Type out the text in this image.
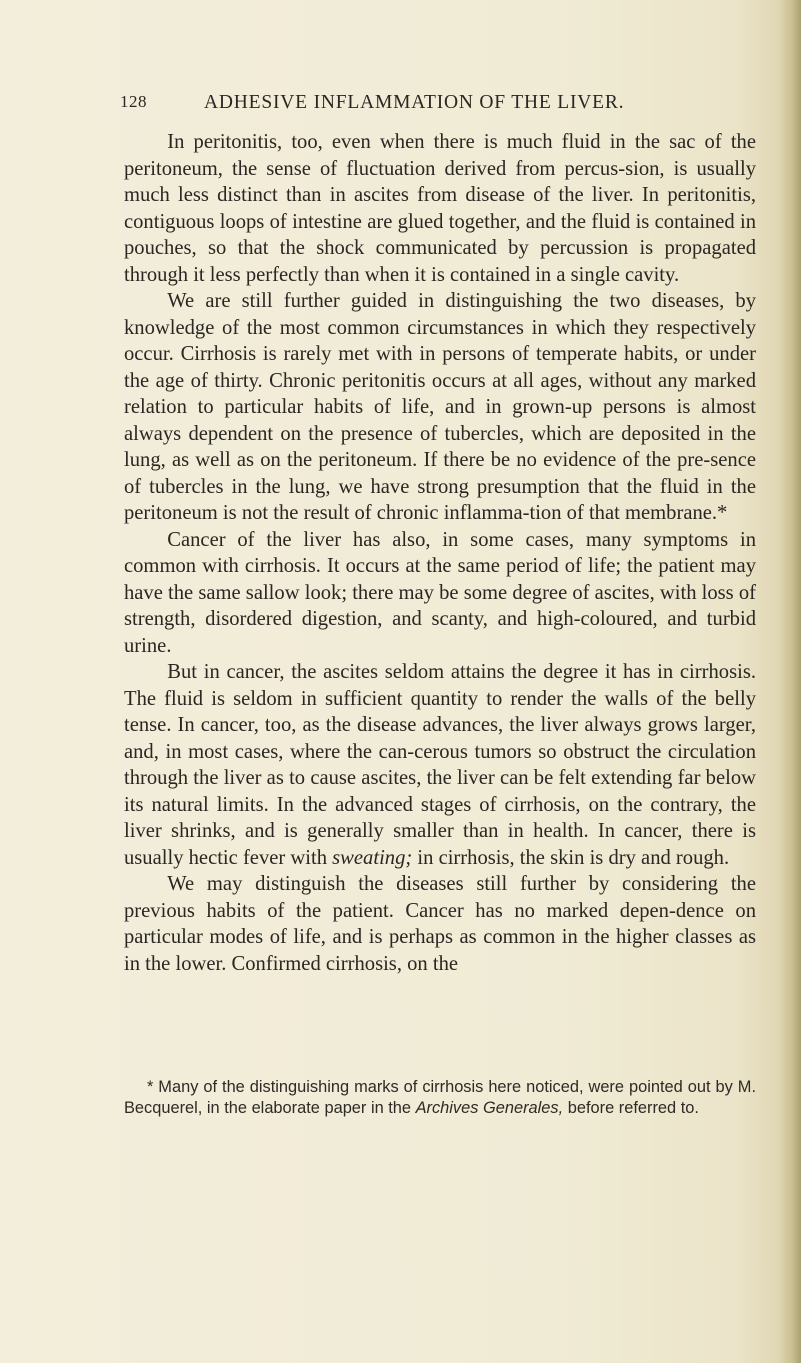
128	ADHESIVE INFLAMMATION OF THE LIVER.

In peritonitis, too, even when there is much fluid in the sac of the peritoneum, the sense of fluctuation derived from percus-sion, is usually much less distinct than in ascites from disease of the liver. In peritonitis, contiguous loops of intestine are glued together, and the fluid is contained in pouches, so that the shock communicated by percussion is propagated through it less perfectly than when it is contained in a single cavity.

We are still further guided in distinguishing the two diseases, by knowledge of the most common circumstances in which they respectively occur. Cirrhosis is rarely met with in persons of temperate habits, or under the age of thirty. Chronic peritonitis occurs at all ages, without any marked relation to particular habits of life, and in grown-up persons is almost always dependent on the presence of tubercles, which are deposited in the lung, as well as on the peritoneum. If there be no evidence of the pre-sence of tubercles in the lung, we have strong presumption that the fluid in the peritoneum is not the result of chronic inflamma-tion of that membrane.*

Cancer of the liver has also, in some cases, many symptoms in common with cirrhosis. It occurs at the same period of life; the patient may have the same sallow look; there may be some degree of ascites, with loss of strength, disordered digestion, and scanty, and high-coloured, and turbid urine.

But in cancer, the ascites seldom attains the degree it has in cirrhosis. The fluid is seldom in sufficient quantity to render the walls of the belly tense. In cancer, too, as the disease advances, the liver always grows larger, and, in most cases, where the can-cerous tumors so obstruct the circulation through the liver as to cause ascites, the liver can be felt extending far below its natural limits. In the advanced stages of cirrhosis, on the contrary, the liver shrinks, and is generally smaller than in health. In cancer, there is usually hectic fever with sweating; in cirrhosis, the skin is dry and rough.

We may distinguish the diseases still further by considering the previous habits of the patient. Cancer has no marked depen-dence on particular modes of life, and is perhaps as common in the higher classes as in the lower. Confirmed cirrhosis, on the

* Many of the distinguishing marks of cirrhosis here noticed, were pointed out by M. Becquerel, in the elaborate paper in the Archives Generales, before referred to.
